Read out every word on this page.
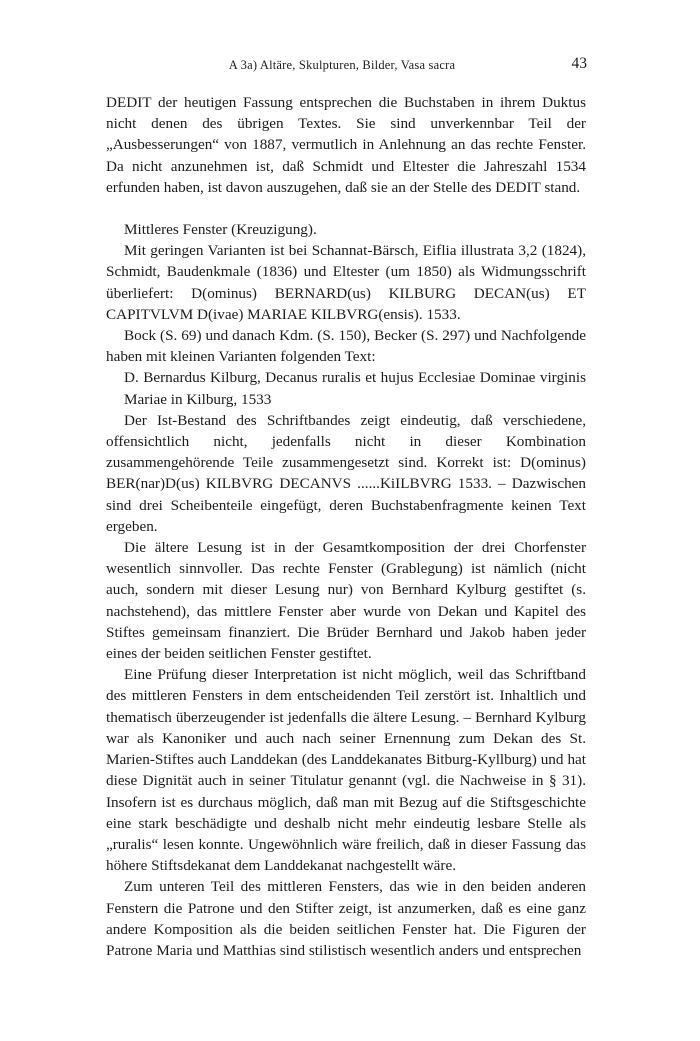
A 3a) Altäre, Skulpturen, Bilder, Vasa sacra	43

DEDIT der heutigen Fassung entsprechen die Buchstaben in ihrem Duktus nicht denen des übrigen Textes. Sie sind unverkennbar Teil der „Ausbesserungen“ von 1887, vermutlich in Anlehnung an das rechte Fenster. Da nicht anzunehmen ist, daß Schmidt und Eltester die Jahreszahl 1534 erfunden haben, ist davon auszugehen, daß sie an der Stelle des DEDIT stand.

Mittleres Fenster (Kreuzigung).

Mit geringen Varianten ist bei Schannat-Bärsch, Eiflia illustrata 3,2 (1824), Schmidt, Baudenkmale (1836) und Eltester (um 1850) als Widmungsschrift überliefert: D(ominus) BERNARD(us) KILBURG DECAN(us) ET CAPITVLVM D(ivae) MARIAE KILBVRG(ensis). 1533.

Bock (S. 69) und danach Kdm. (S. 150), Becker (S. 297) und Nachfolgende haben mit kleinen Varianten folgenden Text:

D. Bernardus Kilburg, Decanus ruralis et hujus Ecclesiae Dominae virginis Mariae in Kilburg, 1533

Der Ist-Bestand des Schriftbandes zeigt eindeutig, daß verschiedene, offensichtlich nicht, jedenfalls nicht in dieser Kombination zusammengehörende Teile zusammengesetzt sind. Korrekt ist: D(ominus) BER(nar)D(us) KILBVRG DECANVS ......KiILBVRG 1533. – Dazwischen sind drei Scheibenteile eingefügt, deren Buchstabenfragmente keinen Text ergeben.

Die ältere Lesung ist in der Gesamtkomposition der drei Chorfenster wesentlich sinnvoller. Das rechte Fenster (Grablegung) ist nämlich (nicht auch, sondern mit dieser Lesung nur) von Bernhard Kylburg gestiftet (s. nachstehend), das mittlere Fenster aber wurde von Dekan und Kapitel des Stiftes gemeinsam finanziert. Die Brüder Bernhard und Jakob haben jeder eines der beiden seitlichen Fenster gestiftet.

Eine Prüfung dieser Interpretation ist nicht möglich, weil das Schriftband des mittleren Fensters in dem entscheidenden Teil zerstört ist. Inhaltlich und thematisch überzeugender ist jedenfalls die ältere Lesung. – Bernhard Kylburg war als Kanoniker und auch nach seiner Ernennung zum Dekan des St. Marien-Stiftes auch Landdekan (des Landdekanates Bitburg-Kyllburg) und hat diese Dignität auch in seiner Titulatur genannt (vgl. die Nachweise in § 31). Insofern ist es durchaus möglich, daß man mit Bezug auf die Stiftsgeschichte eine stark beschädigte und deshalb nicht mehr eindeutig lesbare Stelle als „ruralis“ lesen konnte. Ungewöhnlich wäre freilich, daß in dieser Fassung das höhere Stiftsdekanat dem Landdekanat nachgestellt wäre.

Zum unteren Teil des mittleren Fensters, das wie in den beiden anderen Fenstern die Patrone und den Stifter zeigt, ist anzumerken, daß es eine ganz andere Komposition als die beiden seitlichen Fenster hat. Die Figuren der Patrone Maria und Matthias sind stilistisch wesentlich anders und entsprechen
